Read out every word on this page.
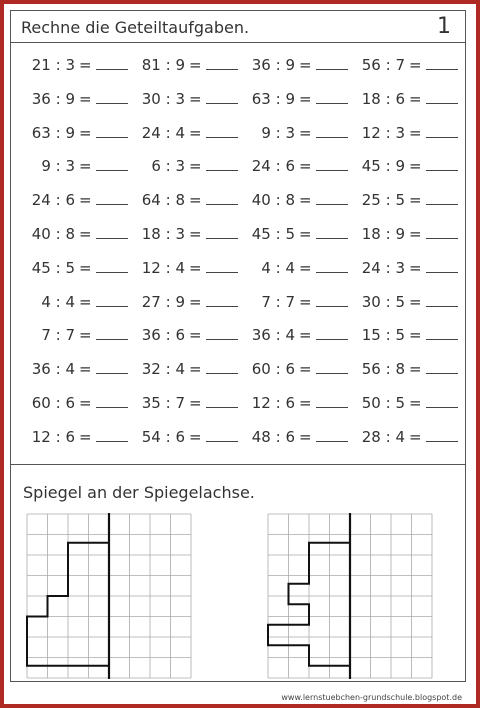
Rechne die Geteiltaufgaben.	1
21 : 3 =
36 : 9 =
63 : 9 =
9 : 3 =
24 : 6 =
40 : 8 =
45 : 5 =
4 : 4 =
7 : 7 =
36 : 4 =
60 : 6 =
12 : 6 =
81 : 9 =
30 : 3 =
24 : 4 =
6 : 3 =
64 : 8 =
18 : 3 =
12 : 4 =
27 : 9 =
36 : 6 =
32 : 4 =
35 : 7 =
54 : 6 =
36 : 9 =
63 : 9 =
9 : 3 =
24 : 6 =
40 : 8 =
45 : 5 =
4 : 4 =
7 : 7 =
36 : 4 =
60 : 6 =
12 : 6 =
48 : 6 =
56 : 7 =
18 : 6 =
12 : 3 =
45 : 9 =
25 : 5 =
18 : 9 =
24 : 3 =
30 : 5 =
15 : 5 =
56 : 8 =
50 : 5 =
28 : 4 =
Spiegel an der Spiegelachse.
www.lernstuebchen-grundschule.blogspot.de
